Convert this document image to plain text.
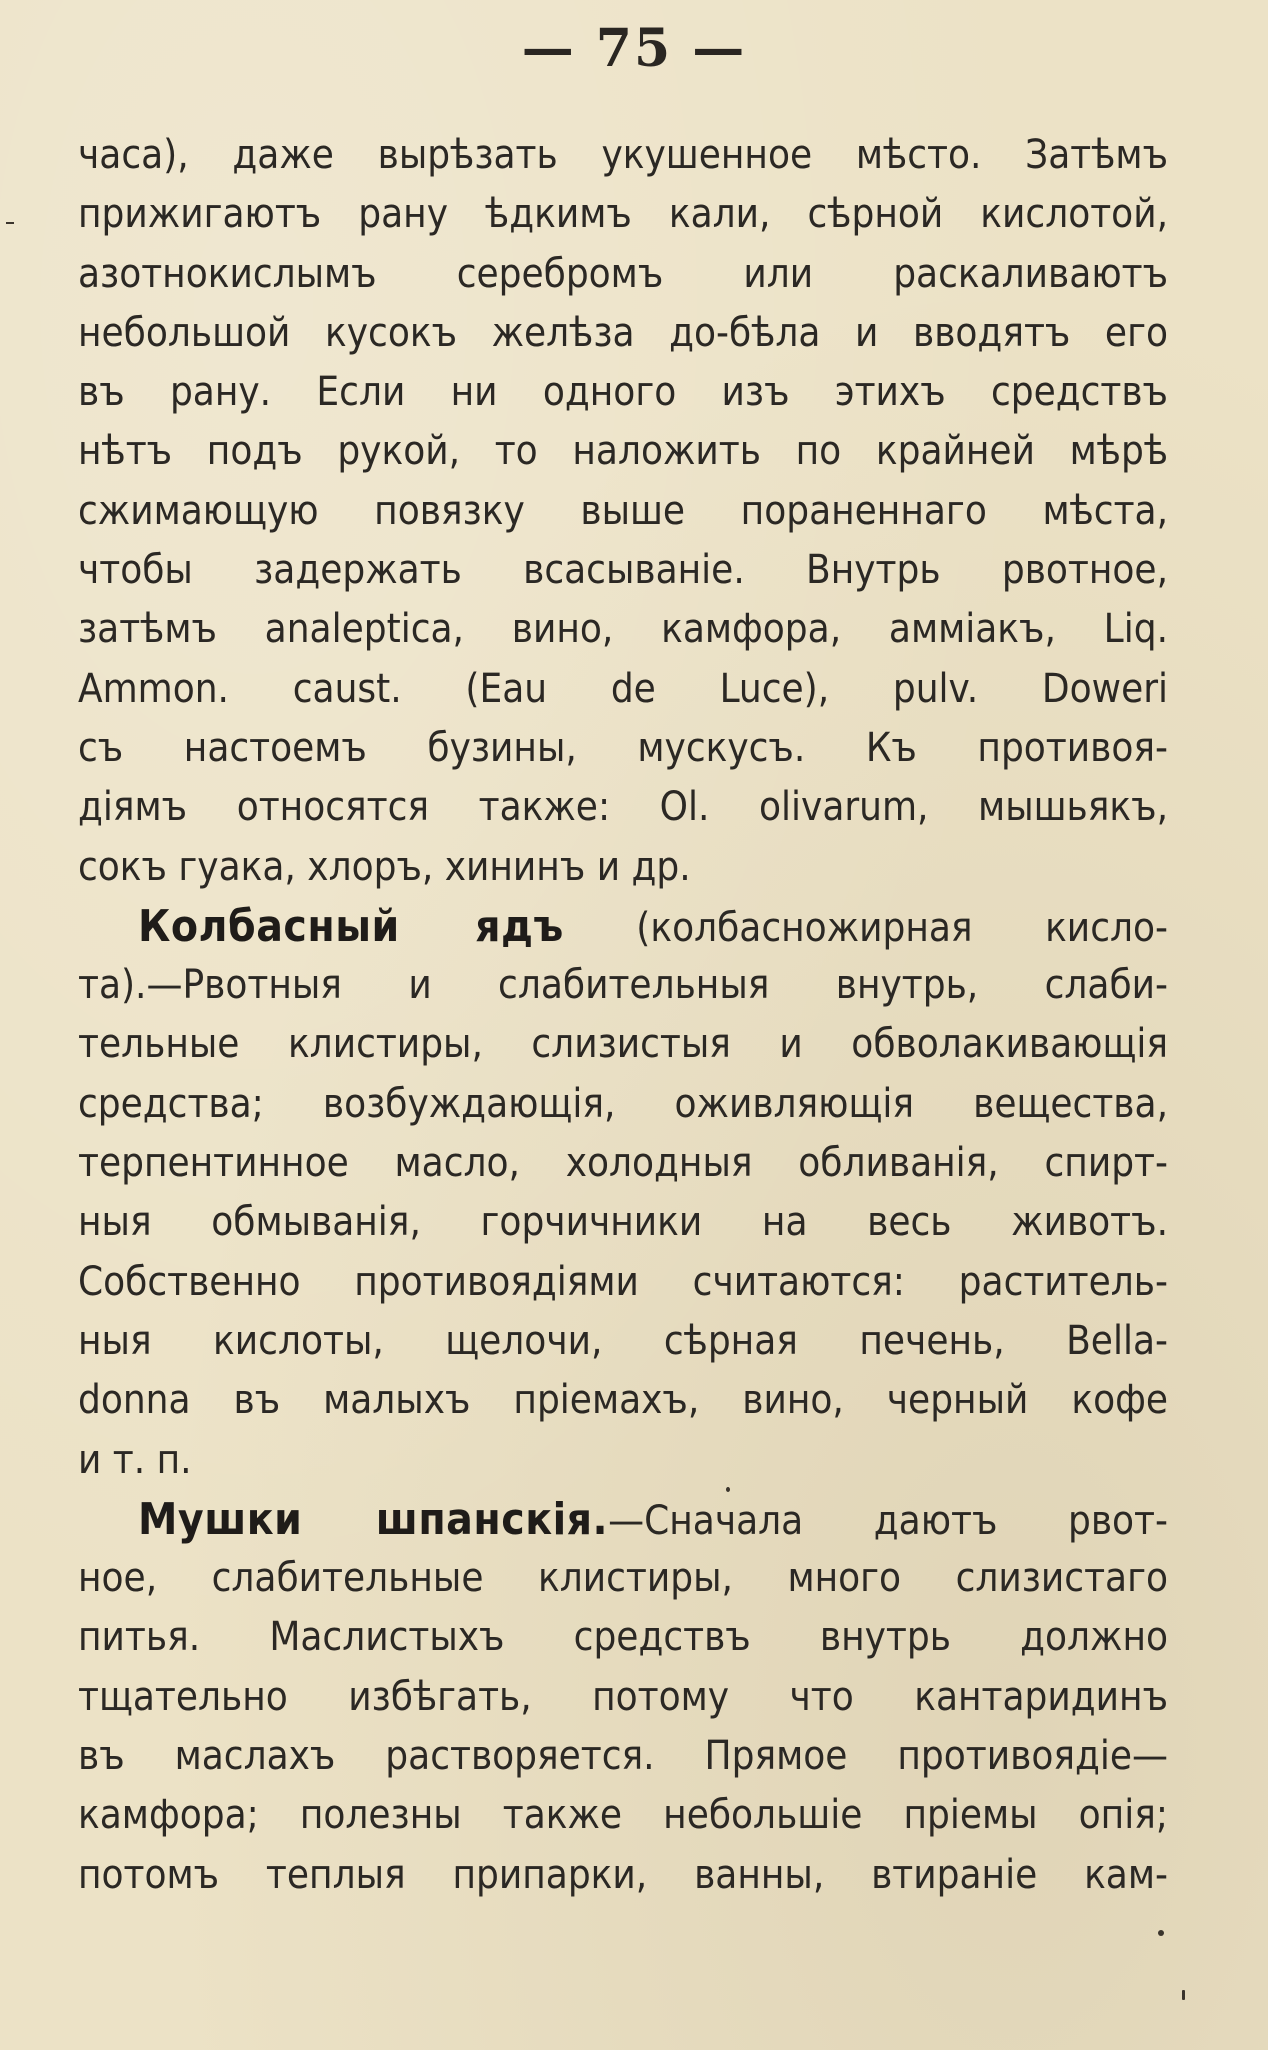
— 75 —
часа), даже вырѣзать укушенное мѣсто. Затѣмъ
прижигаютъ рану ѣдкимъ кали, сѣрной кислотой,
азотнокислымъ серебромъ или раскаливаютъ
небольшой кусокъ желѣза до-бѣла и вводятъ его
въ рану. Если ни одного изъ этихъ средствъ
нѣтъ подъ рукой, то наложить по крайней мѣрѣ
сжимающую повязку выше пораненнаго мѣста,
чтобы задержать всасыванiе. Внутрь рвотное,
затѣмъ analeptica, вино, камфора, аммiакъ, Liq.
Ammon. caust. (Eau de Luce), pulv. Doweri
съ настоемъ бузины, мускусъ. Къ противоя-
дiямъ относятся также: Ol. olivarum, мышьякъ,
сокъ гуака, хлоръ, хининъ и др.
Колбасный ядъ (колбасножирная кисло-
та).—Рвотныя и слабительныя внутрь, слаби-
тельные клистиры, слизистыя и обволакивающiя
средства; возбуждающiя, оживляющiя вещества,
терпентинное масло, холодныя обливанiя, спирт-
ныя обмыванiя, горчичники на весь животъ.
Собственно противоядiями считаются: раститель-
ныя кислоты, щелочи, сѣрная печень, Bella-
donna въ малыхъ прiемахъ, вино, черный кофе
и т. п.
Мушки шпанскiя.—Сначала даютъ рвот-
ное, слабительные клистиры, много слизистаго
питья. Маслистыхъ средствъ внутрь должно
тщательно избѣгать, потому что кантаридинъ
въ маслахъ растворяется. Прямое противоядiе—
камфора; полезны также небольшiе прiемы опiя;
потомъ теплыя припарки, ванны, втиранiе кам-
